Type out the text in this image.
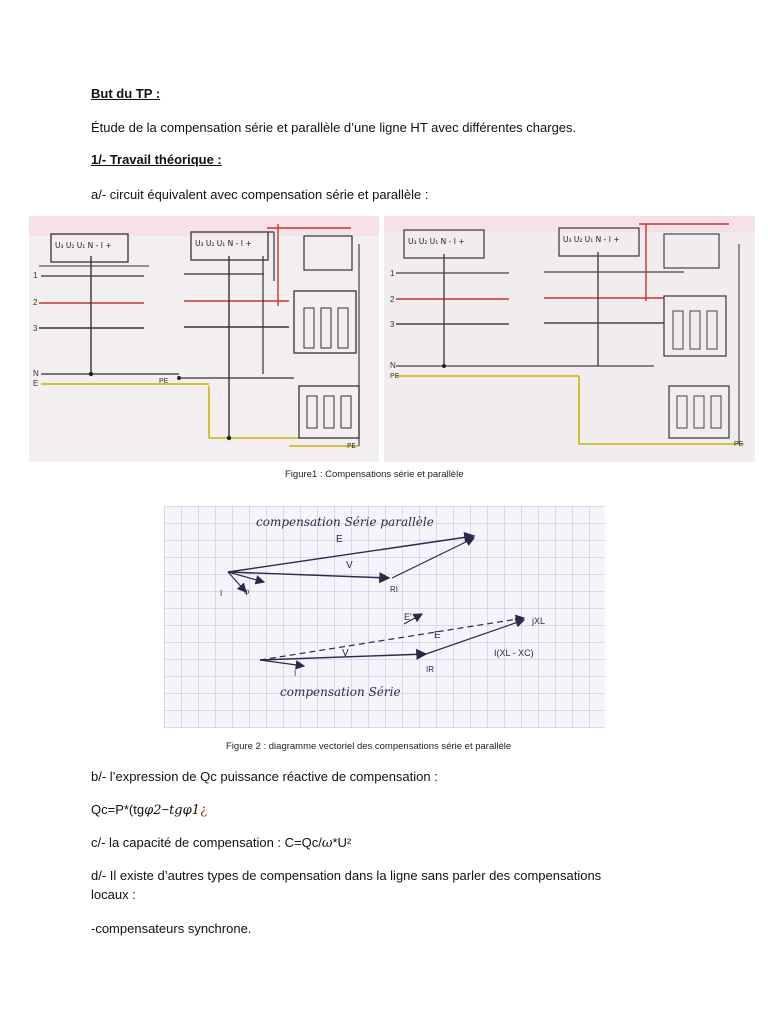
But du TP :
Étude de la compensation série et parallèle d’une ligne HT avec différentes charges.
1/- Travail théorique :
a/- circuit équivalent avec compensation série et parallèle :
U₃ U₂ U₁ N - I +	U₃ U₂ U₁ N - I +
PE
1
2
3
N
E	PE
U₃ U₂ U₁ N - I +	U₃ U₂ U₁ N - I +
PE
1
2
3
N
PE
Figure1 : Compensations série et parallèle
compensation Série parallèle
E
V
RI
I	φ
E'
E
V
jXL
I(XL - XC)
IR
I
compensation Série
Figure 2 : diagramme vectoriel des compensations série et parallèle
b/- l’expression de Qc puissance réactive de compensation :
Qc=P*(tgφ2−tgφ1¿
c/- la capacité de compensation : C=Qc/ω*U²
d/- Il existe d’autres types de compensation dans la ligne sans parler des compensations
locaux :
-compensateurs synchrone.
